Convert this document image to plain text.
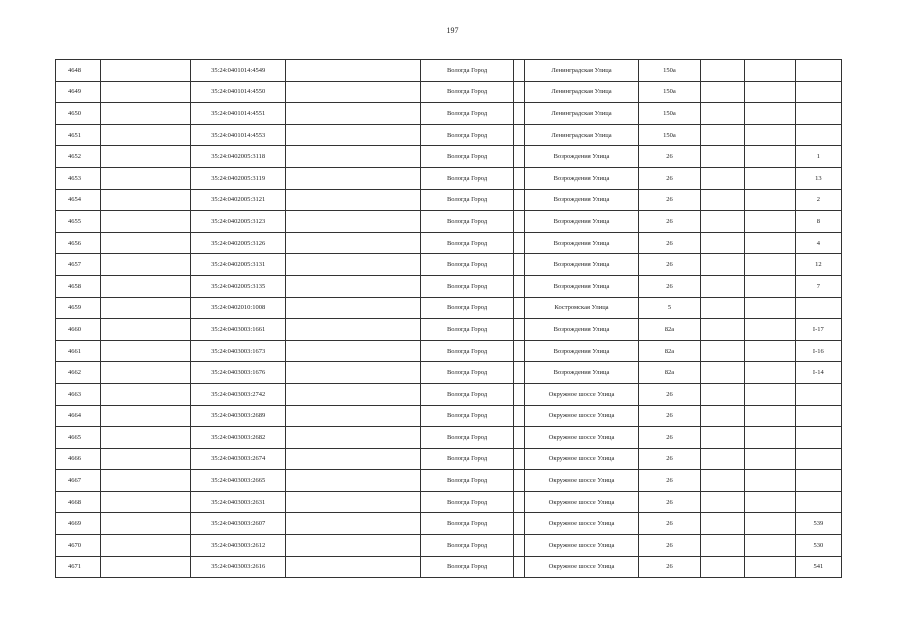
197
4648		35:24:0401014:4549		Вологда Город		Ленинградская Улица	150а			
4649		35:24:0401014:4550		Вологда Город		Ленинградская Улица	150а			
4650		35:24:0401014:4551		Вологда Город		Ленинградская Улица	150а			
4651		35:24:0401014:4553		Вологда Город		Ленинградская Улица	150а			
4652		35:24:0402005:3118		Вологда Город		Возрождения Улица	26			1
4653		35:24:0402005:3119		Вологда Город		Возрождения Улица	26			13
4654		35:24:0402005:3121		Вологда Город		Возрождения Улица	26			2
4655		35:24:0402005:3123		Вологда Город		Возрождения Улица	26			8
4656		35:24:0402005:3126		Вологда Город		Возрождения Улица	26			4
4657		35:24:0402005:3131		Вологда Город		Возрождения Улица	26			12
4658		35:24:0402005:3135		Вологда Город		Возрождения Улица	26			7
4659		35:24:0402010:1008		Вологда Город		Костромская Улица	5			
4660		35:24:0403003:1661		Вологда Город		Возрождения Улица	82а			I-17
4661		35:24:0403003:1673		Вологда Город		Возрождения Улица	82а			I-16
4662		35:24:0403003:1676		Вологда Город		Возрождения Улица	82а			I-14
4663		35:24:0403003:2742		Вологда Город		Окружное шоссе Улица	26			
4664		35:24:0403003:2689		Вологда Город		Окружное шоссе Улица	26			
4665		35:24:0403003:2682		Вологда Город		Окружное шоссе Улица	26			
4666		35:24:0403003:2674		Вологда Город		Окружное шоссе Улица	26			
4667		35:24:0403003:2665		Вологда Город		Окружное шоссе Улица	26			
4668		35:24:0403003:2631		Вологда Город		Окружное шоссе Улица	26			
4669		35:24:0403003:2607		Вологда Город		Окружное шоссе Улица	26			539
4670		35:24:0403003:2612		Вологда Город		Окружное шоссе Улица	26			530
4671		35:24:0403003:2616		Вологда Город		Окружное шоссе Улица	26			541
